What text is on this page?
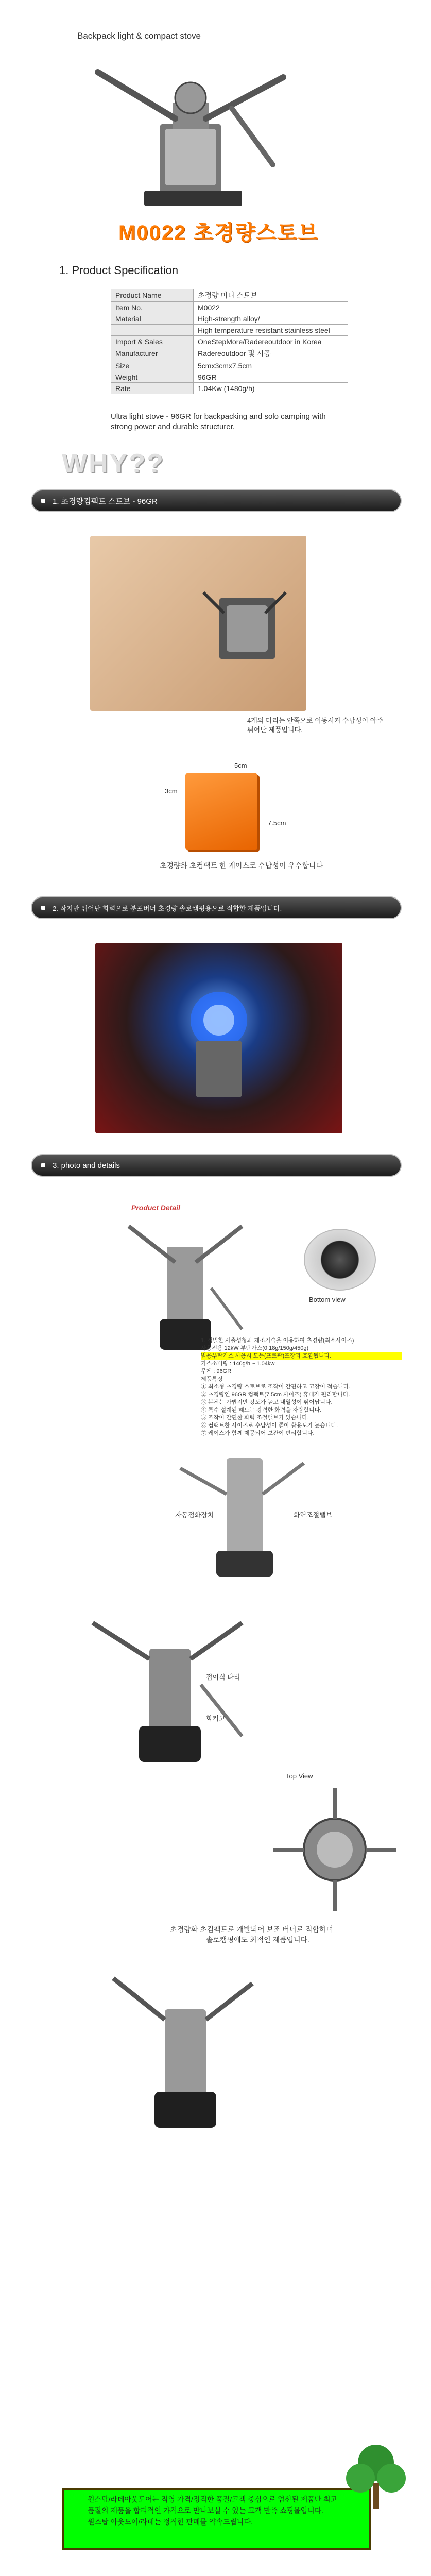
Backpack light & compact stove
M0022 초경량스토브
1. Product Specification
Product Name	초경량 미니 스토브
Item No.	M0022
Material	High-strength alloy/
	High temperature resistant stainless steel
Import & Sales	OneStepMore/Radereoutdoor in Korea
Manufacturer	Radereoutdoor 및 시공
Size	5cmx3cmx7.5cm
Weight	96GR
Rate	1.04Kw (1480g/h)
Ultra light stove - 96GR for backpacking and solo camping with
strong power and durable structurer.
WHY??
1. 초경량컴팩트 스토브 - 96GR
4개의 다리는 안쪽으로 이동시켜 수납성이 아주
뛰어난 제품입니다.
5cm
3cm
7.5cm
초경량화 초컴팩트 한 케이스로 수납성이 우수합니다
2. 작지만 뛰어난 화력으로 분포버너 초경량 솔로캠핑용으로 적합한 제품입니다.
3. photo and details
Product Detail
Bottom view
1. 정밀한 사출성형과 제조기술을 이용하여 초경량(최소사이즈)
사용전용 12kW 부탄가스(0.18g/150g/450g)
범용부탄가스 사용시 모든(프로판)포장과 호환됩니다.
가스소비량 : 140g/h ~ 1.04kw
무게 : 96GR
제품특징
① 최소형 초경량 스토브로 조작이 간편하고 고장이 적습니다.
② 초경량인 96GR 컴팩트(7.5cm 사이즈) 휴대가 편리합니다.
③ 본체는 가볍지만 강도가 높고 내열성이 뛰어납니다.
④ 특수 설계된 헤드는 강력한 화력을 자랑합니다.
⑤ 조작이 간편한 화력 조절밸브가 있습니다.
⑥ 컴팩트한 사이즈로 수납성이 좋아 활용도가 높습니다.
⑦ 케이스가 함께 제공되어 보관이 편리합니다.
자동점화장치	화력조절밸브
접이식 다리
화커고
Top View
초경량화 초컴팩트로 개발되어 보조 버너로 적합하며
솔로캠핑에도 최적인 제품입니다.
원스탑/라데아웃도어는 직영 가격/정직한 품질/고객 중심으로 엄선된 제품만 최고
품질의 제품을 합리적인 가격으로 만나보실 수 있는 고객 만족 쇼핑몰입니다.
원스탑 아웃도어/라데는 정직한 판매를 약속드립니다.
